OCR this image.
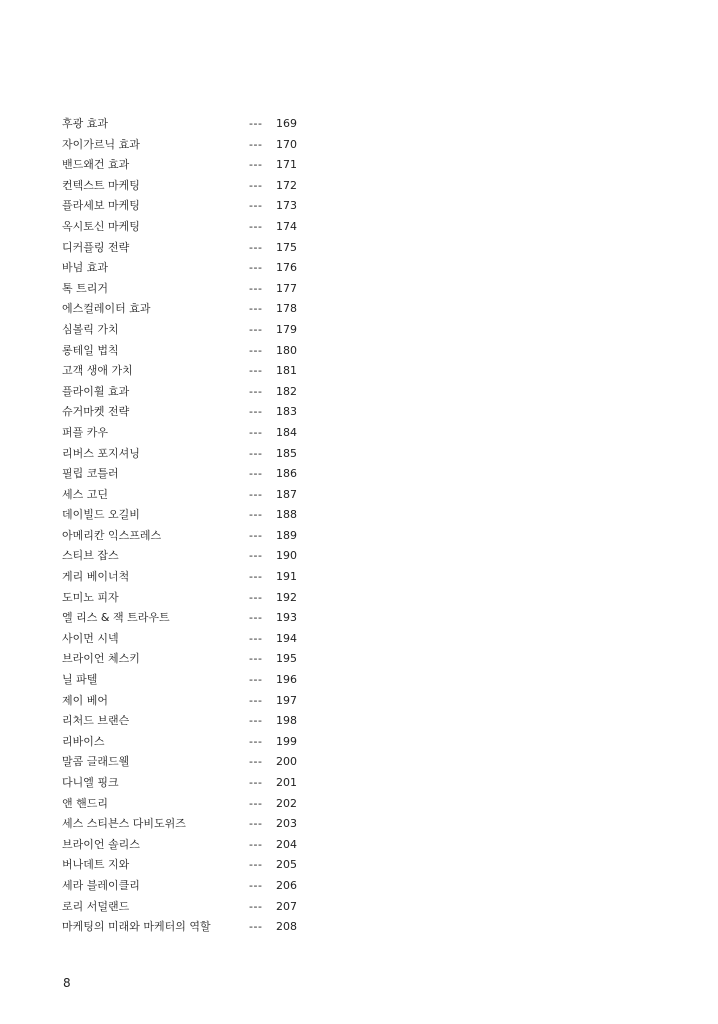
후광 효과	--- 169
자이가르닉 효과	--- 170
밴드왜건 효과	--- 171
컨텍스트 마케팅	--- 172
플라세보 마케팅	--- 173
옥시토신 마케팅	--- 174
디커플링 전략	--- 175
바넘 효과	--- 176
톡 트리거	--- 177
에스컬레이터 효과	--- 178
심볼릭 가치	--- 179
롱테일 법칙	--- 180
고객 생애 가치	--- 181
플라이휠 효과	--- 182
슈거마켓 전략	--- 183
퍼플 카우	--- 184
리버스 포지셔닝	--- 185
필립 코틀러	--- 186
세스 고딘	--- 187
데이빌드 오길비	--- 188
아메리칸 익스프레스	--- 189
스티브 잡스	--- 190
게리 베이너척	--- 191
도미노 피자	--- 192
엘 리스 & 잭 트라우트	--- 193
사이먼 시넥	--- 194
브라이언 체스키	--- 195
닐 파텔	--- 196
제이 베어	--- 197
리처드 브랜슨	--- 198
리바이스	--- 199
말콤 글래드웰	--- 200
다니엘 핑크	--- 201
앤 핸드리	--- 202
세스 스티븐스 다비도위즈	--- 203
브라이언 솔리스	--- 204
버나데트 지와	--- 205
세라 블레이클리	--- 206
로리 서덜랜드	--- 207
마케팅의 미래와 마케터의 역할	--- 208
8
